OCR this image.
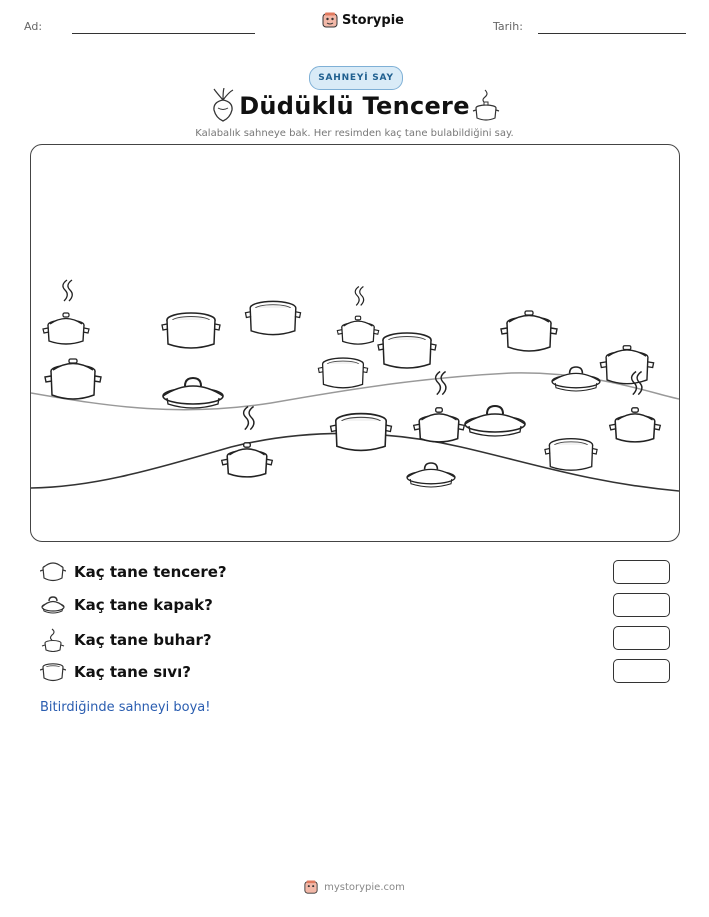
Ad:	Storypie	Tarih:
SAHNEYİ SAY
Düdüklü Tencere
Kalabalık sahneye bak. Her resimden kaç tane bulabildiğini say.
Kaç tane tencere?
Kaç tane kapak?
Kaç tane buhar?
Kaç tane sıvı?
Bitirdiğinde sahneyi boya!
mystorypie.com
